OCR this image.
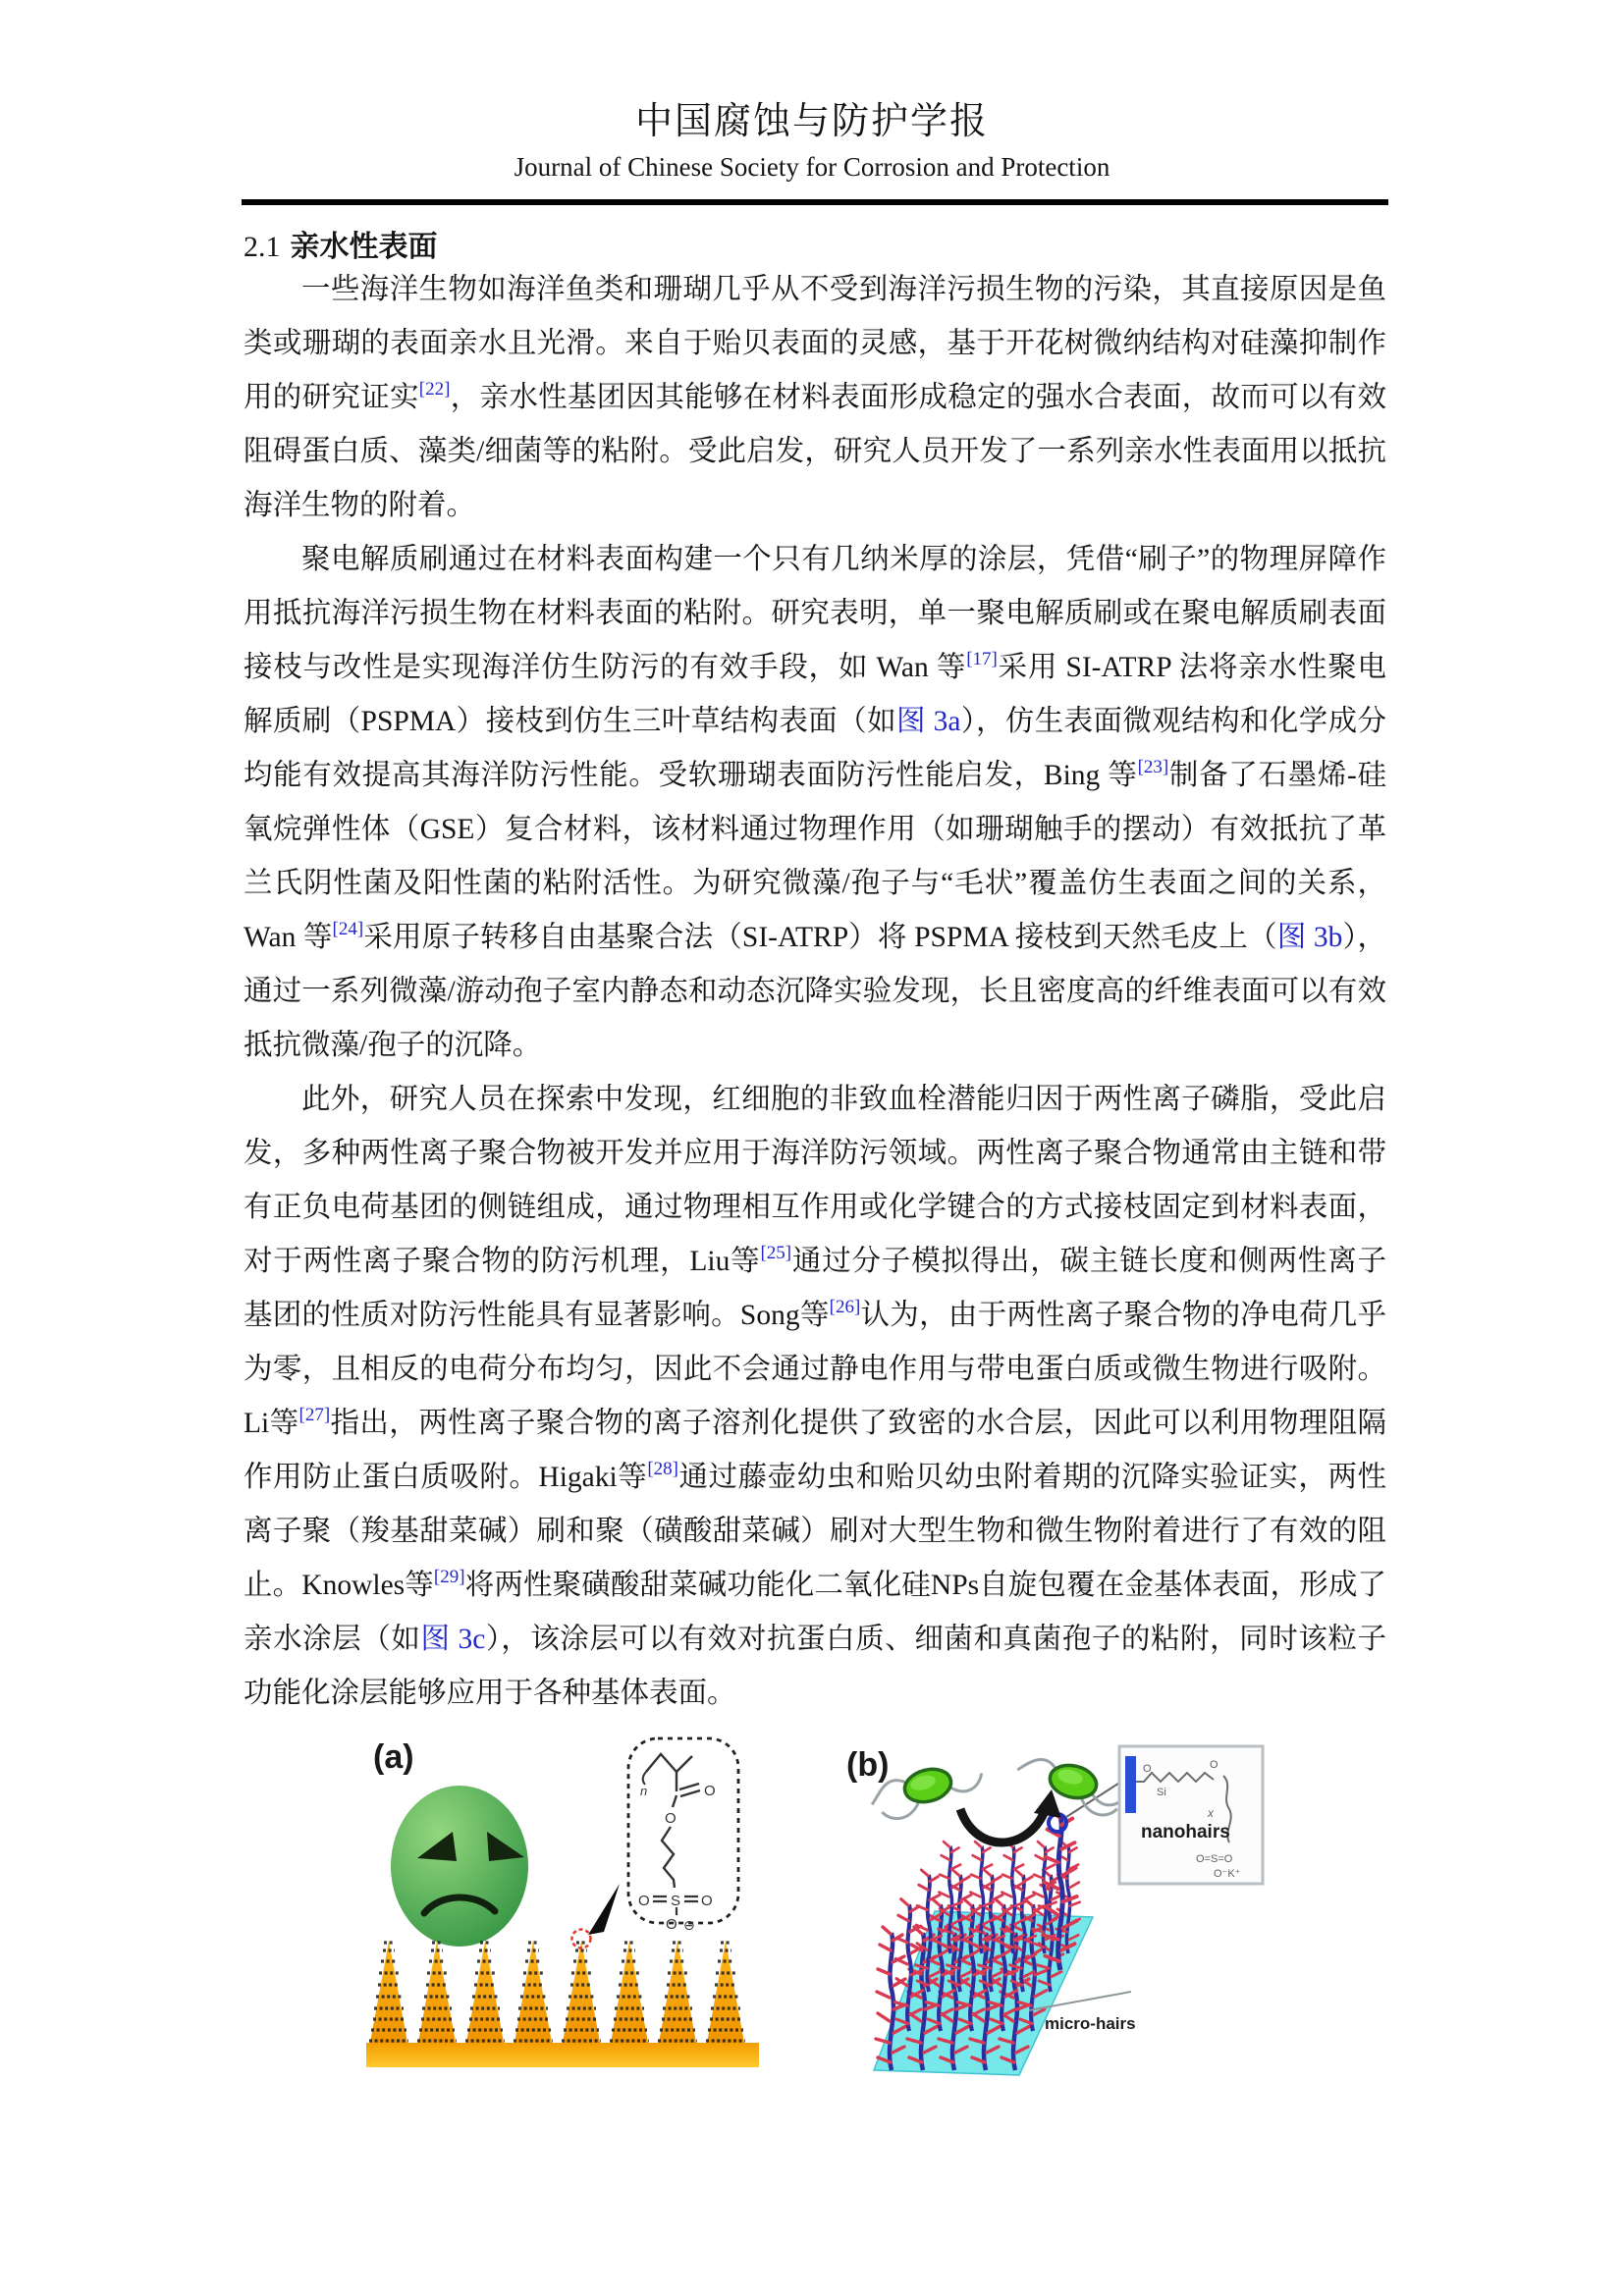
中国腐蚀与防护学报
Journal of Chinese Society for Corrosion and Protection
2.1 亲水性表面

一些海洋生物如海洋鱼类和珊瑚几乎从不受到海洋污损生物的污染，其直接原因是鱼类或珊瑚的表面亲水且光滑。来自于贻贝表面的灵感，基于开花树微纳结构对硅藻抑制作用的研究证实[22]，亲水性基团因其能够在材料表面形成稳定的强水合表面，故而可以有效阻碍蛋白质、藻类/细菌等的粘附。受此启发，研究人员开发了一系列亲水性表面用以抵抗海洋生物的附着。

聚电解质刷通过在材料表面构建一个只有几纳米厚的涂层，凭借“刷子”的物理屏障作用抵抗海洋污损生物在材料表面的粘附。研究表明，单一聚电解质刷或在聚电解质刷表面接枝与改性是实现海洋仿生防污的有效手段，如 Wan 等[17]采用 SI-ATRP 法将亲水性聚电解质刷（PSPMA）接枝到仿生三叶草结构表面（如图 3a），仿生表面微观结构和化学成分均能有效提高其海洋防污性能。受软珊瑚表面防污性能启发，Bing 等[23]制备了石墨烯-硅氧烷弹性体（GSE）复合材料，该材料通过物理作用（如珊瑚触手的摆动）有效抵抗了革兰氏阴性菌及阳性菌的粘附活性。为研究微藻/孢子与“毛状”覆盖仿生表面之间的关系，Wan 等[24]采用原子转移自由基聚合法（SI-ATRP）将 PSPMA 接枝到天然毛皮上（图 3b），通过一系列微藻/游动孢子室内静态和动态沉降实验发现，长且密度高的纤维表面可以有效抵抗微藻/孢子的沉降。

此外，研究人员在探索中发现，红细胞的非致血栓潜能归因于两性离子磷脂，受此启发，多种两性离子聚合物被开发并应用于海洋防污领域。两性离子聚合物通常由主链和带有正负电荷基团的侧链组成，通过物理相互作用或化学键合的方式接枝固定到材料表面，对于两性离子聚合物的防污机理，Liu等[25]通过分子模拟得出，碳主链长度和侧两性离子基团的性质对防污性能具有显著影响。Song等[26]认为，由于两性离子聚合物的净电荷几乎为零，且相反的电荷分布均匀，因此不会通过静电作用与带电蛋白质或微生物进行吸附。Li等[27]指出，两性离子聚合物的离子溶剂化提供了致密的水合层，因此可以利用物理阻隔作用防止蛋白质吸附。Higaki等[28]通过藤壶幼虫和贻贝幼虫附着期的沉降实验证实，两性离子聚（羧基甜菜碱）刷和聚（磺酸甜菜碱）刷对大型生物和微生物附着进行了有效的阻止。Knowles等[29]将两性聚磺酸甜菜碱功能化二氧化硅NPs自旋包覆在金基体表面，形成了亲水涂层（如图 3c），该涂层可以有效对抗蛋白质、细菌和真菌孢子的粘附，同时该粒子功能化涂层能够应用于各种基体表面。

(a)
n	O
O
O S O
O ⊖
(b)	O
Si
O
x
O=S=O
O⁻K⁺
nanohairs
micro-hairs
